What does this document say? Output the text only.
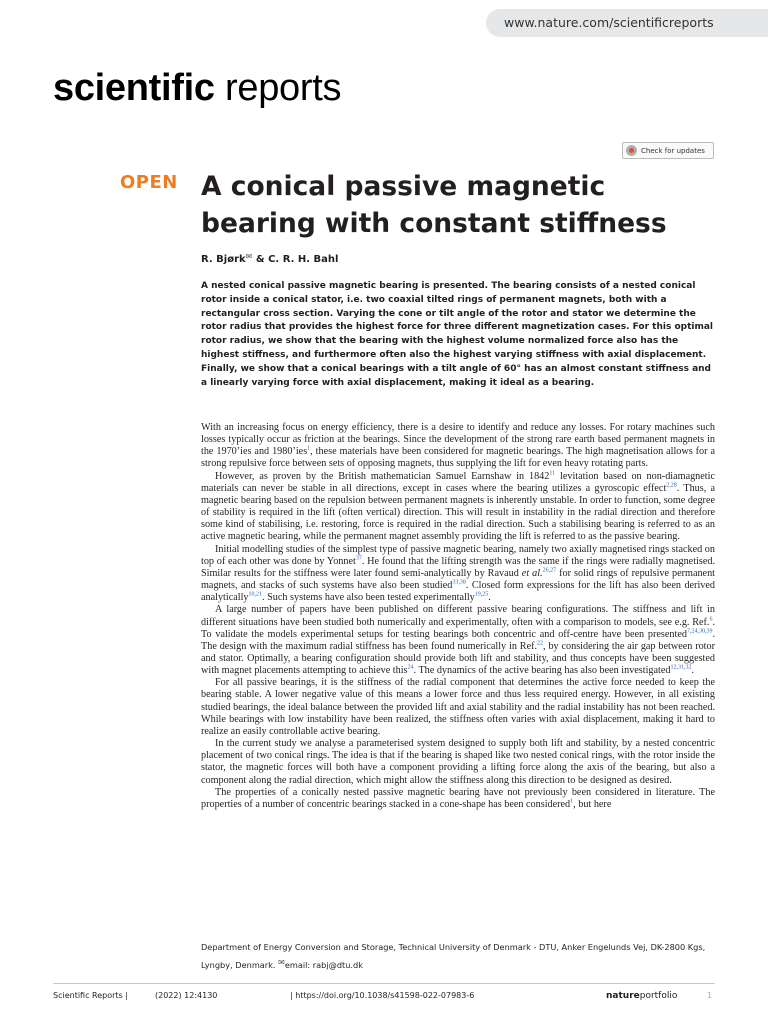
www.nature.com/scientificreports
scientific reports
Check for updates
OPEN A conical passive magnetic bearing with constant stiffness
R. Bjørk✉ & C. R. H. Bahl

A nested conical passive magnetic bearing is presented. The bearing consists of a nested conical rotor inside a conical stator, i.e. two coaxial tilted rings of permanent magnets, both with a rectangular cross section. Varying the cone or tilt angle of the rotor and stator we determine the rotor radius that provides the highest force for three different magnetization cases. For this optimal rotor radius, we show that the bearing with the highest volume normalized force also has the highest stiffness, and furthermore often also the highest varying stiffness with axial displacement. Finally, we show that a conical bearings with a tilt angle of 60° has an almost constant stiffness and a linearly varying force with axial displacement, making it ideal as a bearing.

With an increasing focus on energy efficiency, there is a desire to identify and reduce any losses. For rotary machines such losses typically occur as friction at the bearings. Since the development of the strong rare earth based permanent magnets in the 1970’ies and 1980’ies$^1$, these materials have been considered for magnetic bearings. The high magnetisation allows for a strong repulsive force between sets of opposing magnets, thus supplying the lift for even heavy rotating parts.

However, as proven by the British mathematician Samuel Earnshaw in 1842$^{11}$ levitation based on non-diamagnetic materials can never be stable in all directions, except in cases where the bearing utilizes a gyroscopic effect$^{2,28}$. Thus, a magnetic bearing based on the repulsion between permanent magnets is inherently unstable. In order to function, some degree of stability is required in the lift (often vertical) direction. This will result in instability in the radial direction and therefore some kind of stabilising, i.e. restoring, force is required in the radial direction. Such a stabilising bearing is referred to as an active magnetic bearing, while the permanent magnet assembly providing the lift is referred to as the passive bearing.

Initial modelling studies of the simplest type of passive magnetic bearing, namely two axially magnetised rings stacked on top of each other was done by Yonnet$^{37}$. He found that the lifting strength was the same if the rings were radially magnetised. Similar results for the stiffness were later found semi-analytically by Ravaud et al.$^{26,27}$ for solid rings of repulsive permanent magnets, and stacks of such systems have also been studied$^{33,38}$. Closed form expressions for the lift has also been derived analytically$^{10,21}$. Such systems have also been tested experimentally$^{19,25}$.

A large number of papers have been published on different passive bearing configurations. The stiffness and lift in different situations have been studied both numerically and experimentally, often with a comparison to models, see e.g. Ref.$^6$. To validate the models experimental setups for testing bearings both concentric and off-centre have been presented$^{7,24,30,39}$. The design with the maximum radial stiffness has been found numerically in Ref.$^{22}$, by considering the air gap between rotor and stator. Optimally, a bearing configuration should provide both lift and stability, and thus concepts have been suggested with magnet placements attempting to achieve this$^{24}$. The dynamics of the active bearing has also been investigated$^{12,31,32}$.

For all passive bearings, it is the stiffness of the radial component that determines the active force needed to keep the bearing stable. A lower negative value of this means a lower force and thus less required energy. However, in all existing studied bearings, the ideal balance between the provided lift and axial stability and the radial instability has not been reached. While bearings with low instability have been realized, the stiffness often varies with axial displacement, making it hard to realize an easily controllable active bearing.

In the current study we analyse a parameterised system designed to supply both lift and stability, by a nested concentric placement of two conical rings. The idea is that if the bearing is shaped like two nested conical rings, with the rotor inside the stator, the magnetic forces will both have a component providing a lifting force along the axis of the bearing, but also a component along the radial direction, which might allow the stiffness along this direction to be designed as desired.

The properties of a conically nested passive magnetic bearing have not previously been considered in literature. The properties of a number of concentric bearings stacked in a cone-shape has been considered$^1$, but here

Department of Energy Conversion and Storage, Technical University of Denmark - DTU, Anker Engelunds Vej, DK-2800 Kgs, Lyngby, Denmark. ✉email: rabj@dtu.dk

Scientific Reports |	(2022) 12:4130	| https://doi.org/10.1038/s41598-022-07983-6	natureportfolio	1
